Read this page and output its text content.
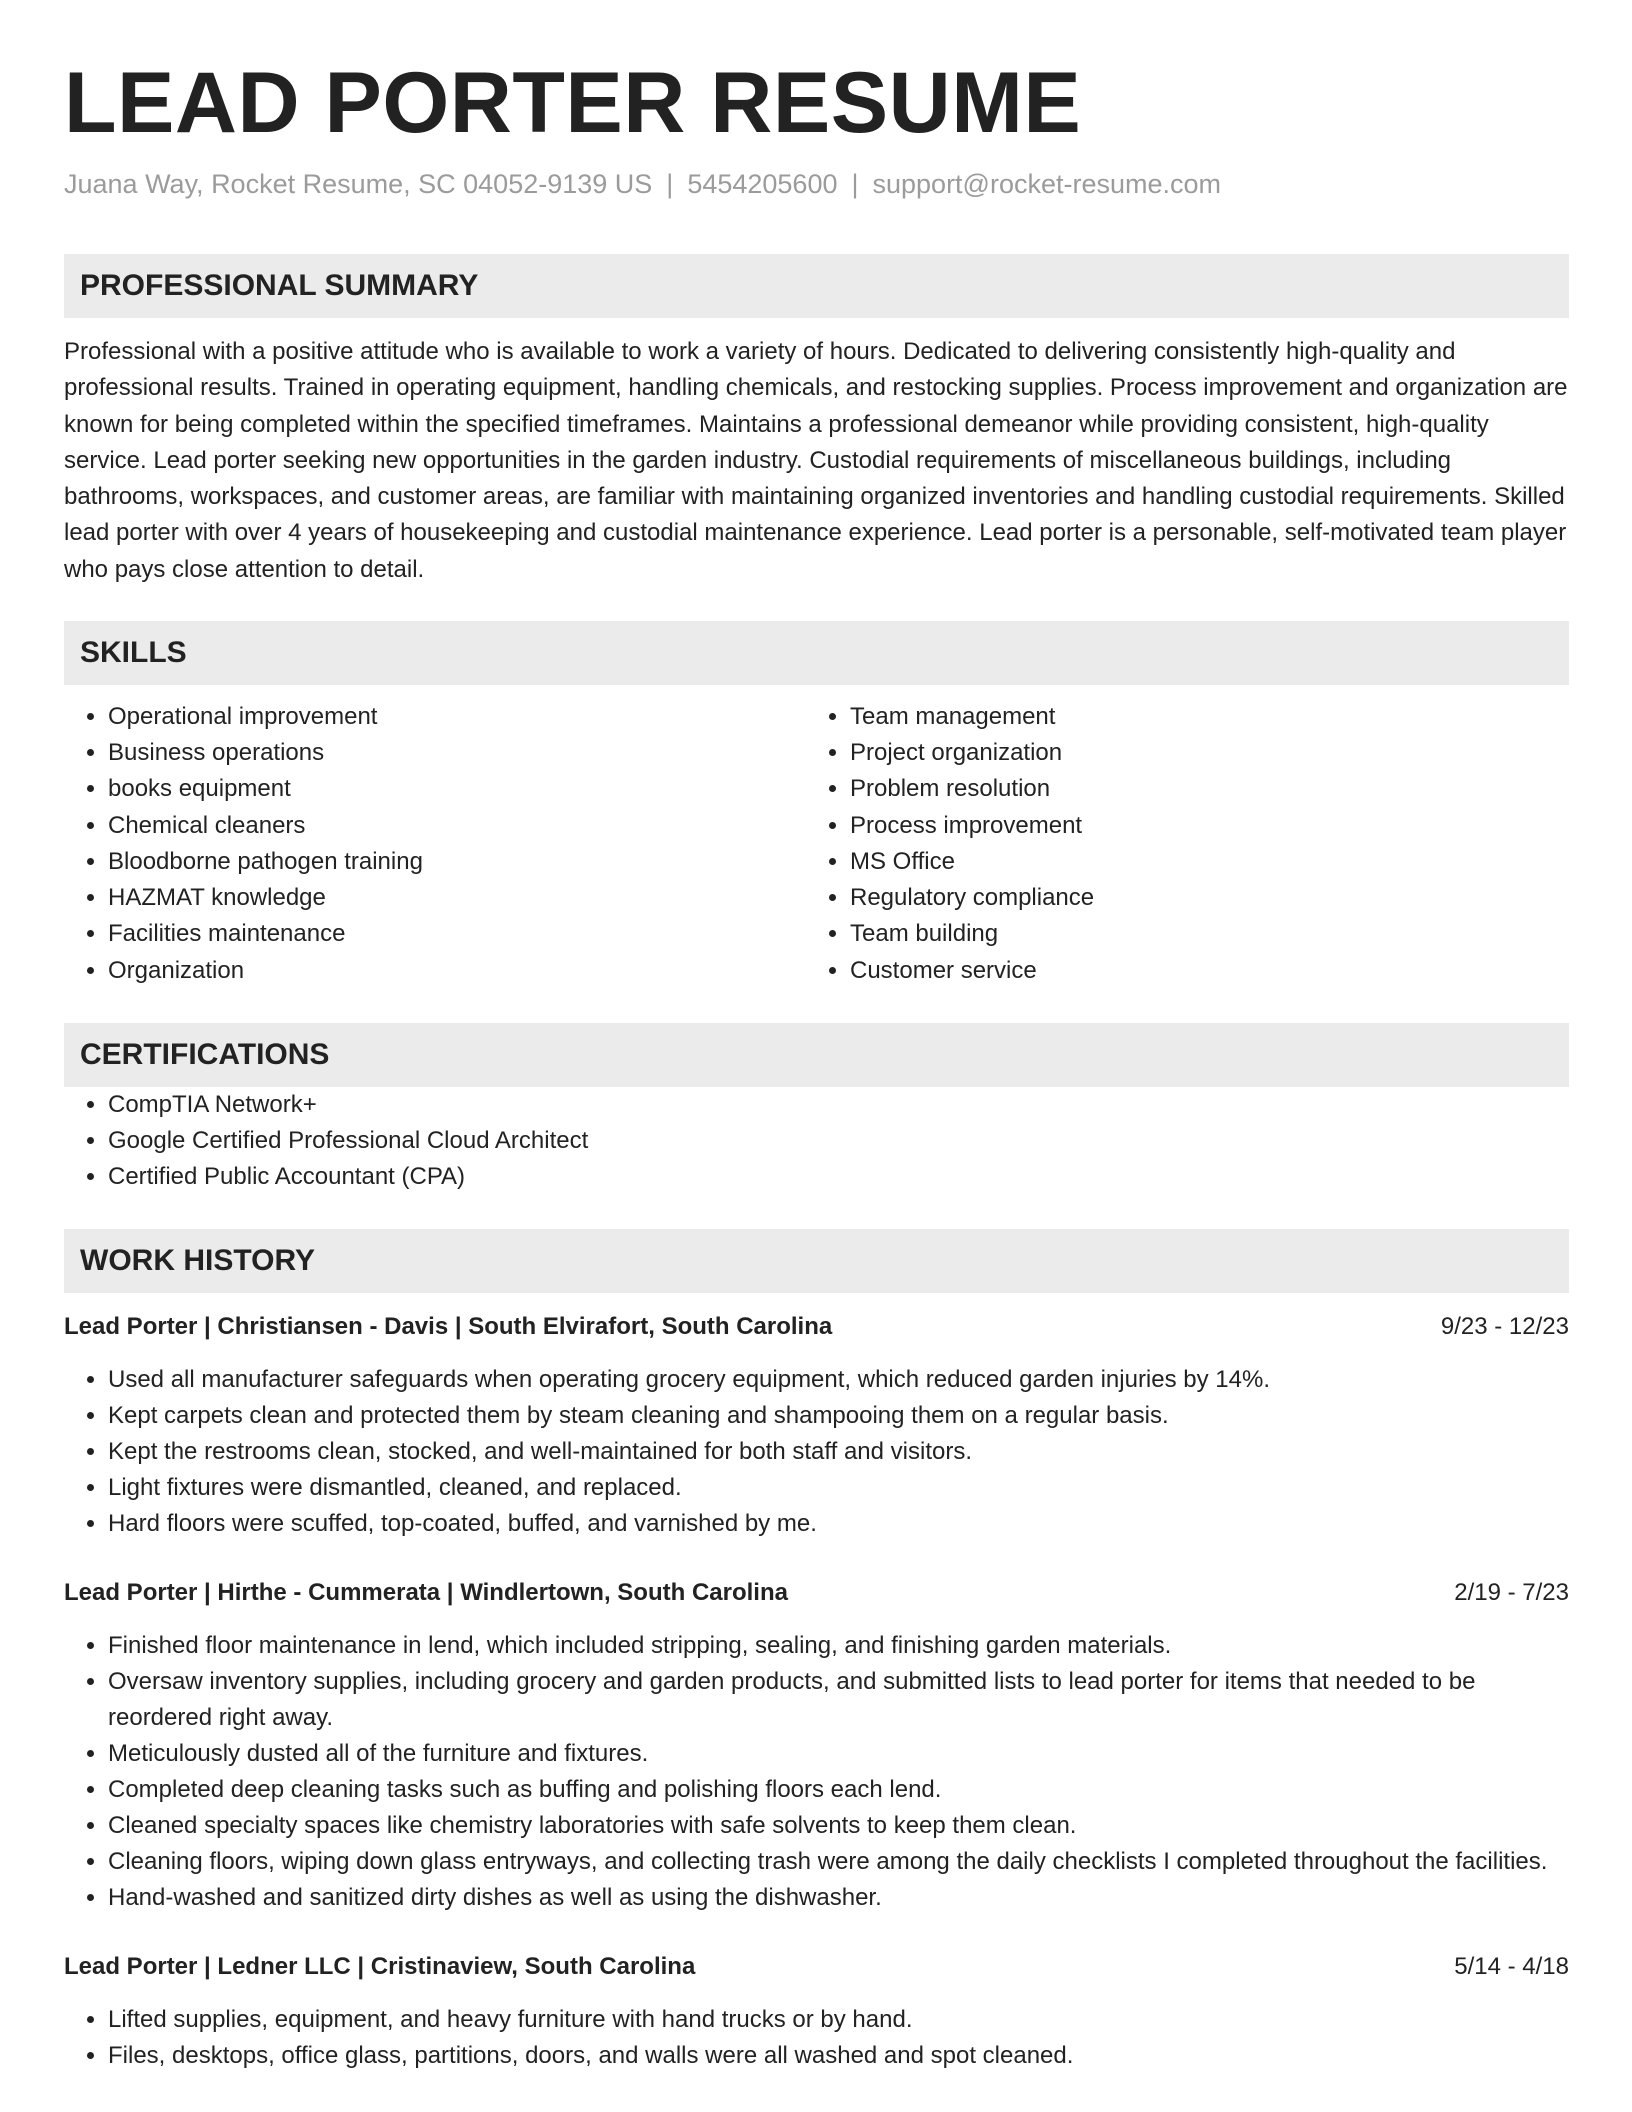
LEAD PORTER RESUME
Juana Way, Rocket Resume, SC 04052-9139 US | 5454205600 | support@rocket-resume.com
PROFESSIONAL SUMMARY

Professional with a positive attitude who is available to work a variety of hours. Dedicated to delivering consistently high-quality and professional results. Trained in operating equipment, handling chemicals, and restocking supplies. Process improvement and organization are known for being completed within the specified timeframes. Maintains a professional demeanor while providing consistent, high-quality service. Lead porter seeking new opportunities in the garden industry. Custodial requirements of miscellaneous buildings, including bathrooms, workspaces, and customer areas, are familiar with maintaining organized inventories and handling custodial requirements. Skilled lead porter with over 4 years of housekeeping and custodial maintenance experience. Lead porter is a personable, self-motivated team player who pays close attention to detail.

SKILLS
• Operational improvement
• Business operations
• books equipment
• Chemical cleaners
• Bloodborne pathogen training
• HAZMAT knowledge
• Facilities maintenance
• Organization
• Team management
• Project organization
• Problem resolution
• Process improvement
• MS Office
• Regulatory compliance
• Team building
• Customer service
CERTIFICATIONS
• CompTIA Network+
• Google Certified Professional Cloud Architect
• Certified Public Accountant (CPA)
WORK HISTORY
Lead Porter | Christiansen - Davis | South Elvirafort, South Carolina	9/23 - 12/23
• Used all manufacturer safeguards when operating grocery equipment, which reduced garden injuries by 14%.
• Kept carpets clean and protected them by steam cleaning and shampooing them on a regular basis.
• Kept the restrooms clean, stocked, and well-maintained for both staff and visitors.
• Light fixtures were dismantled, cleaned, and replaced.
• Hard floors were scuffed, top-coated, buffed, and varnished by me.
Lead Porter | Hirthe - Cummerata | Windlertown, South Carolina	2/19 - 7/23
• Finished floor maintenance in lend, which included stripping, sealing, and finishing garden materials.
• Oversaw inventory supplies, including grocery and garden products, and submitted lists to lead porter for items that needed to be reordered right away.
• Meticulously dusted all of the furniture and fixtures.
• Completed deep cleaning tasks such as buffing and polishing floors each lend.
• Cleaned specialty spaces like chemistry laboratories with safe solvents to keep them clean.
• Cleaning floors, wiping down glass entryways, and collecting trash were among the daily checklists I completed throughout the facilities.
• Hand-washed and sanitized dirty dishes as well as using the dishwasher.
Lead Porter | Ledner LLC | Cristinaview, South Carolina	5/14 - 4/18
• Lifted supplies, equipment, and heavy furniture with hand trucks or by hand.
• Files, desktops, office glass, partitions, doors, and walls were all washed and spot cleaned.
